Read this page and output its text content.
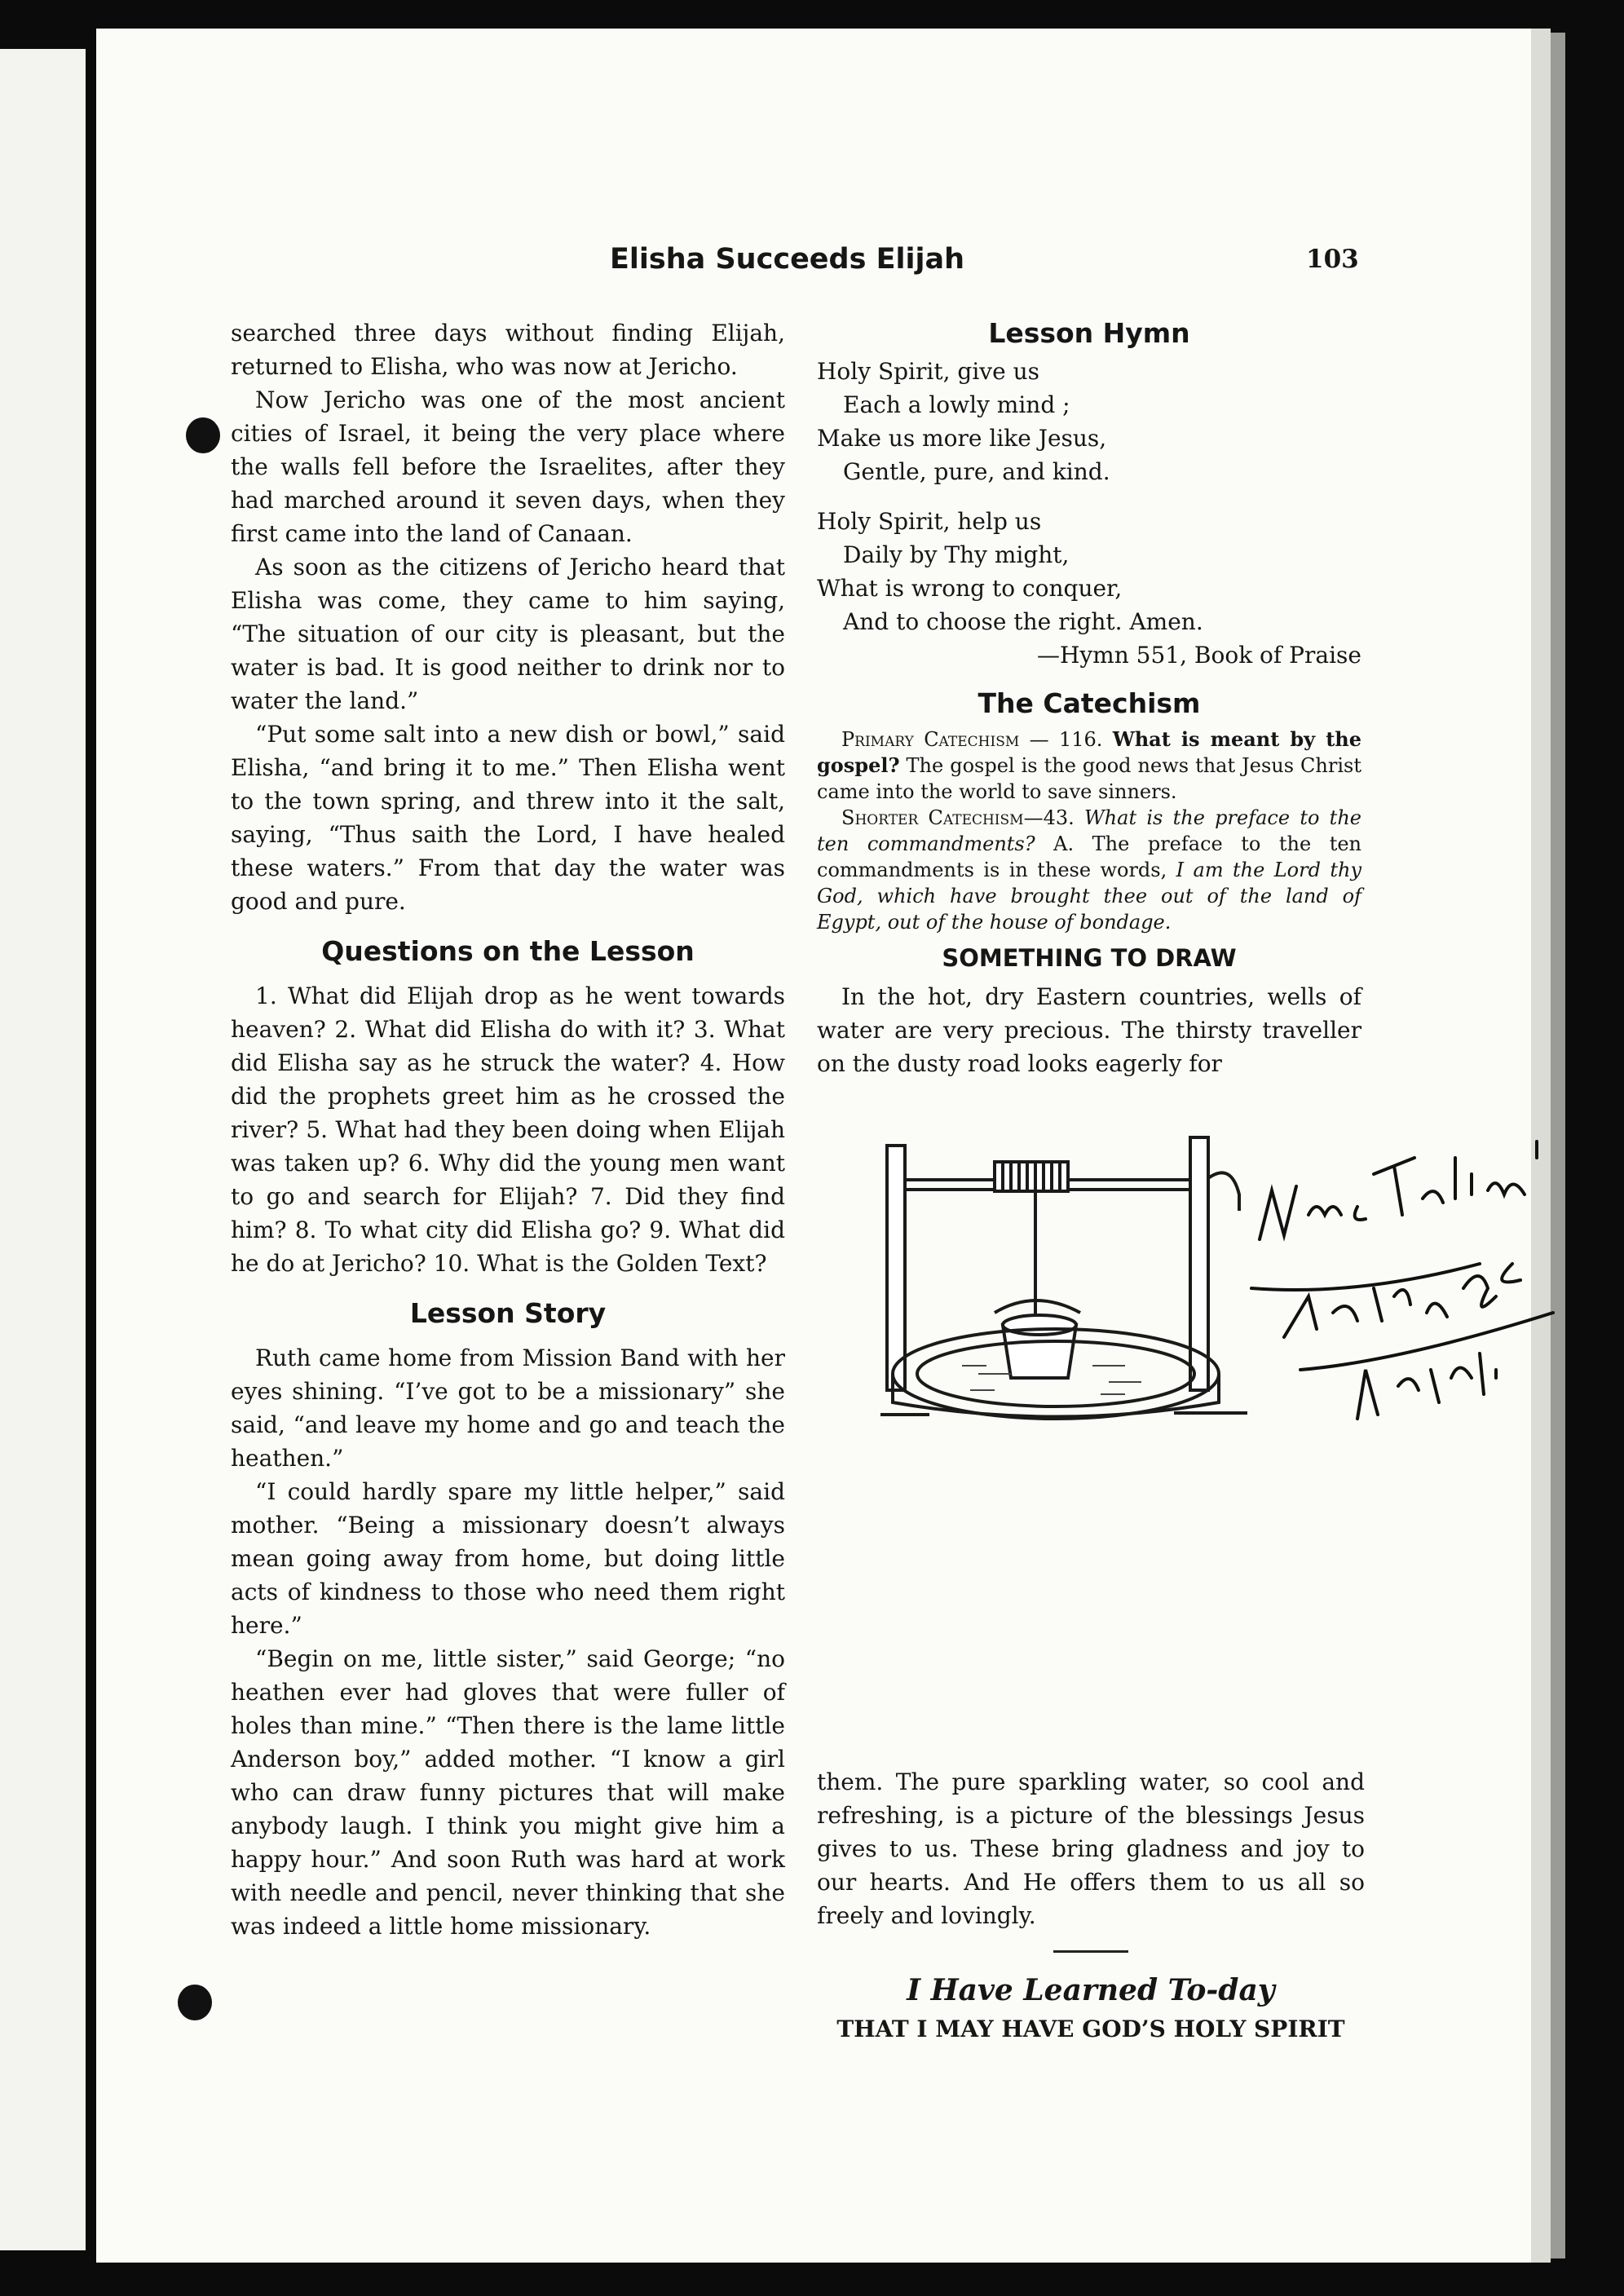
Elisha Succeeds Elijah	103

searched three days without finding Elijah, returned to Elisha, who was now at Jericho.

Now Jericho was one of the most ancient cities of Israel, it being the very place where the walls fell before the Israelites, after they had marched around it seven days, when they first came into the land of Canaan.

As soon as the citizens of Jericho heard that Elisha was come, they came to him saying, “The situation of our city is pleasant, but the water is bad. It is good neither to drink nor to water the land.”

“Put some salt into a new dish or bowl,” said Elisha, “and bring it to me.” Then Elisha went to the town spring, and threw into it the salt, saying, “Thus saith the Lord, I have healed these waters.” From that day the water was good and pure.

Questions on the Lesson

1. What did Elijah drop as he went towards heaven? 2. What did Elisha do with it? 3. What did Elisha say as he struck the water? 4. How did the prophets greet him as he crossed the river? 5. What had they been doing when Elijah was taken up? 6. Why did the young men want to go and search for Elijah? 7. Did they find him? 8. To what city did Elisha go? 9. What did he do at Jericho? 10. What is the Golden Text?

Lesson Story

Ruth came home from Mission Band with her eyes shining. “I’ve got to be a missionary” she said, “and leave my home and go and teach the heathen.”

“I could hardly spare my little helper,” said mother. “Being a missionary doesn’t always mean going away from home, but doing little acts of kindness to those who need them right here.”

“Begin on me, little sister,” said George; “no heathen ever had gloves that were fuller of holes than mine.” “Then there is the lame little Anderson boy,” added mother. “I know a girl who can draw funny pictures that will make anybody laugh. I think you might give him a happy hour.” And soon Ruth was hard at work with needle and pencil, never thinking that she was indeed a little home missionary.

Lesson Hymn
Holy Spirit, give us
Each a lowly mind ;
Make us more like Jesus,
Gentle, pure, and kind.
Holy Spirit, help us
Daily by Thy might,
What is wrong to conquer,
And to choose the right. Amen.
—Hymn 551, Book of Praise
The Catechism

Primary Catechism — 116. What is meant by the gospel? The gospel is the good news that Jesus Christ came into the world to save sinners.

Shorter Catechism—43. What is the preface to the ten commandments? A. The preface to the ten commandments is in these words, I am the Lord thy God, which have brought thee out of the land of Egypt, out of the house of bondage.

SOMETHING TO DRAW

In the hot, dry Eastern countries, wells of water are very precious. The thirsty traveller on the dusty road looks eagerly for

them. The pure sparkling water, so cool and refreshing, is a picture of the blessings Jesus gives to us. These bring gladness and joy to our hearts. And He offers them to us all so freely and lovingly.

I Have Learned To-day
THAT I MAY HAVE GOD’S HOLY SPIRIT
